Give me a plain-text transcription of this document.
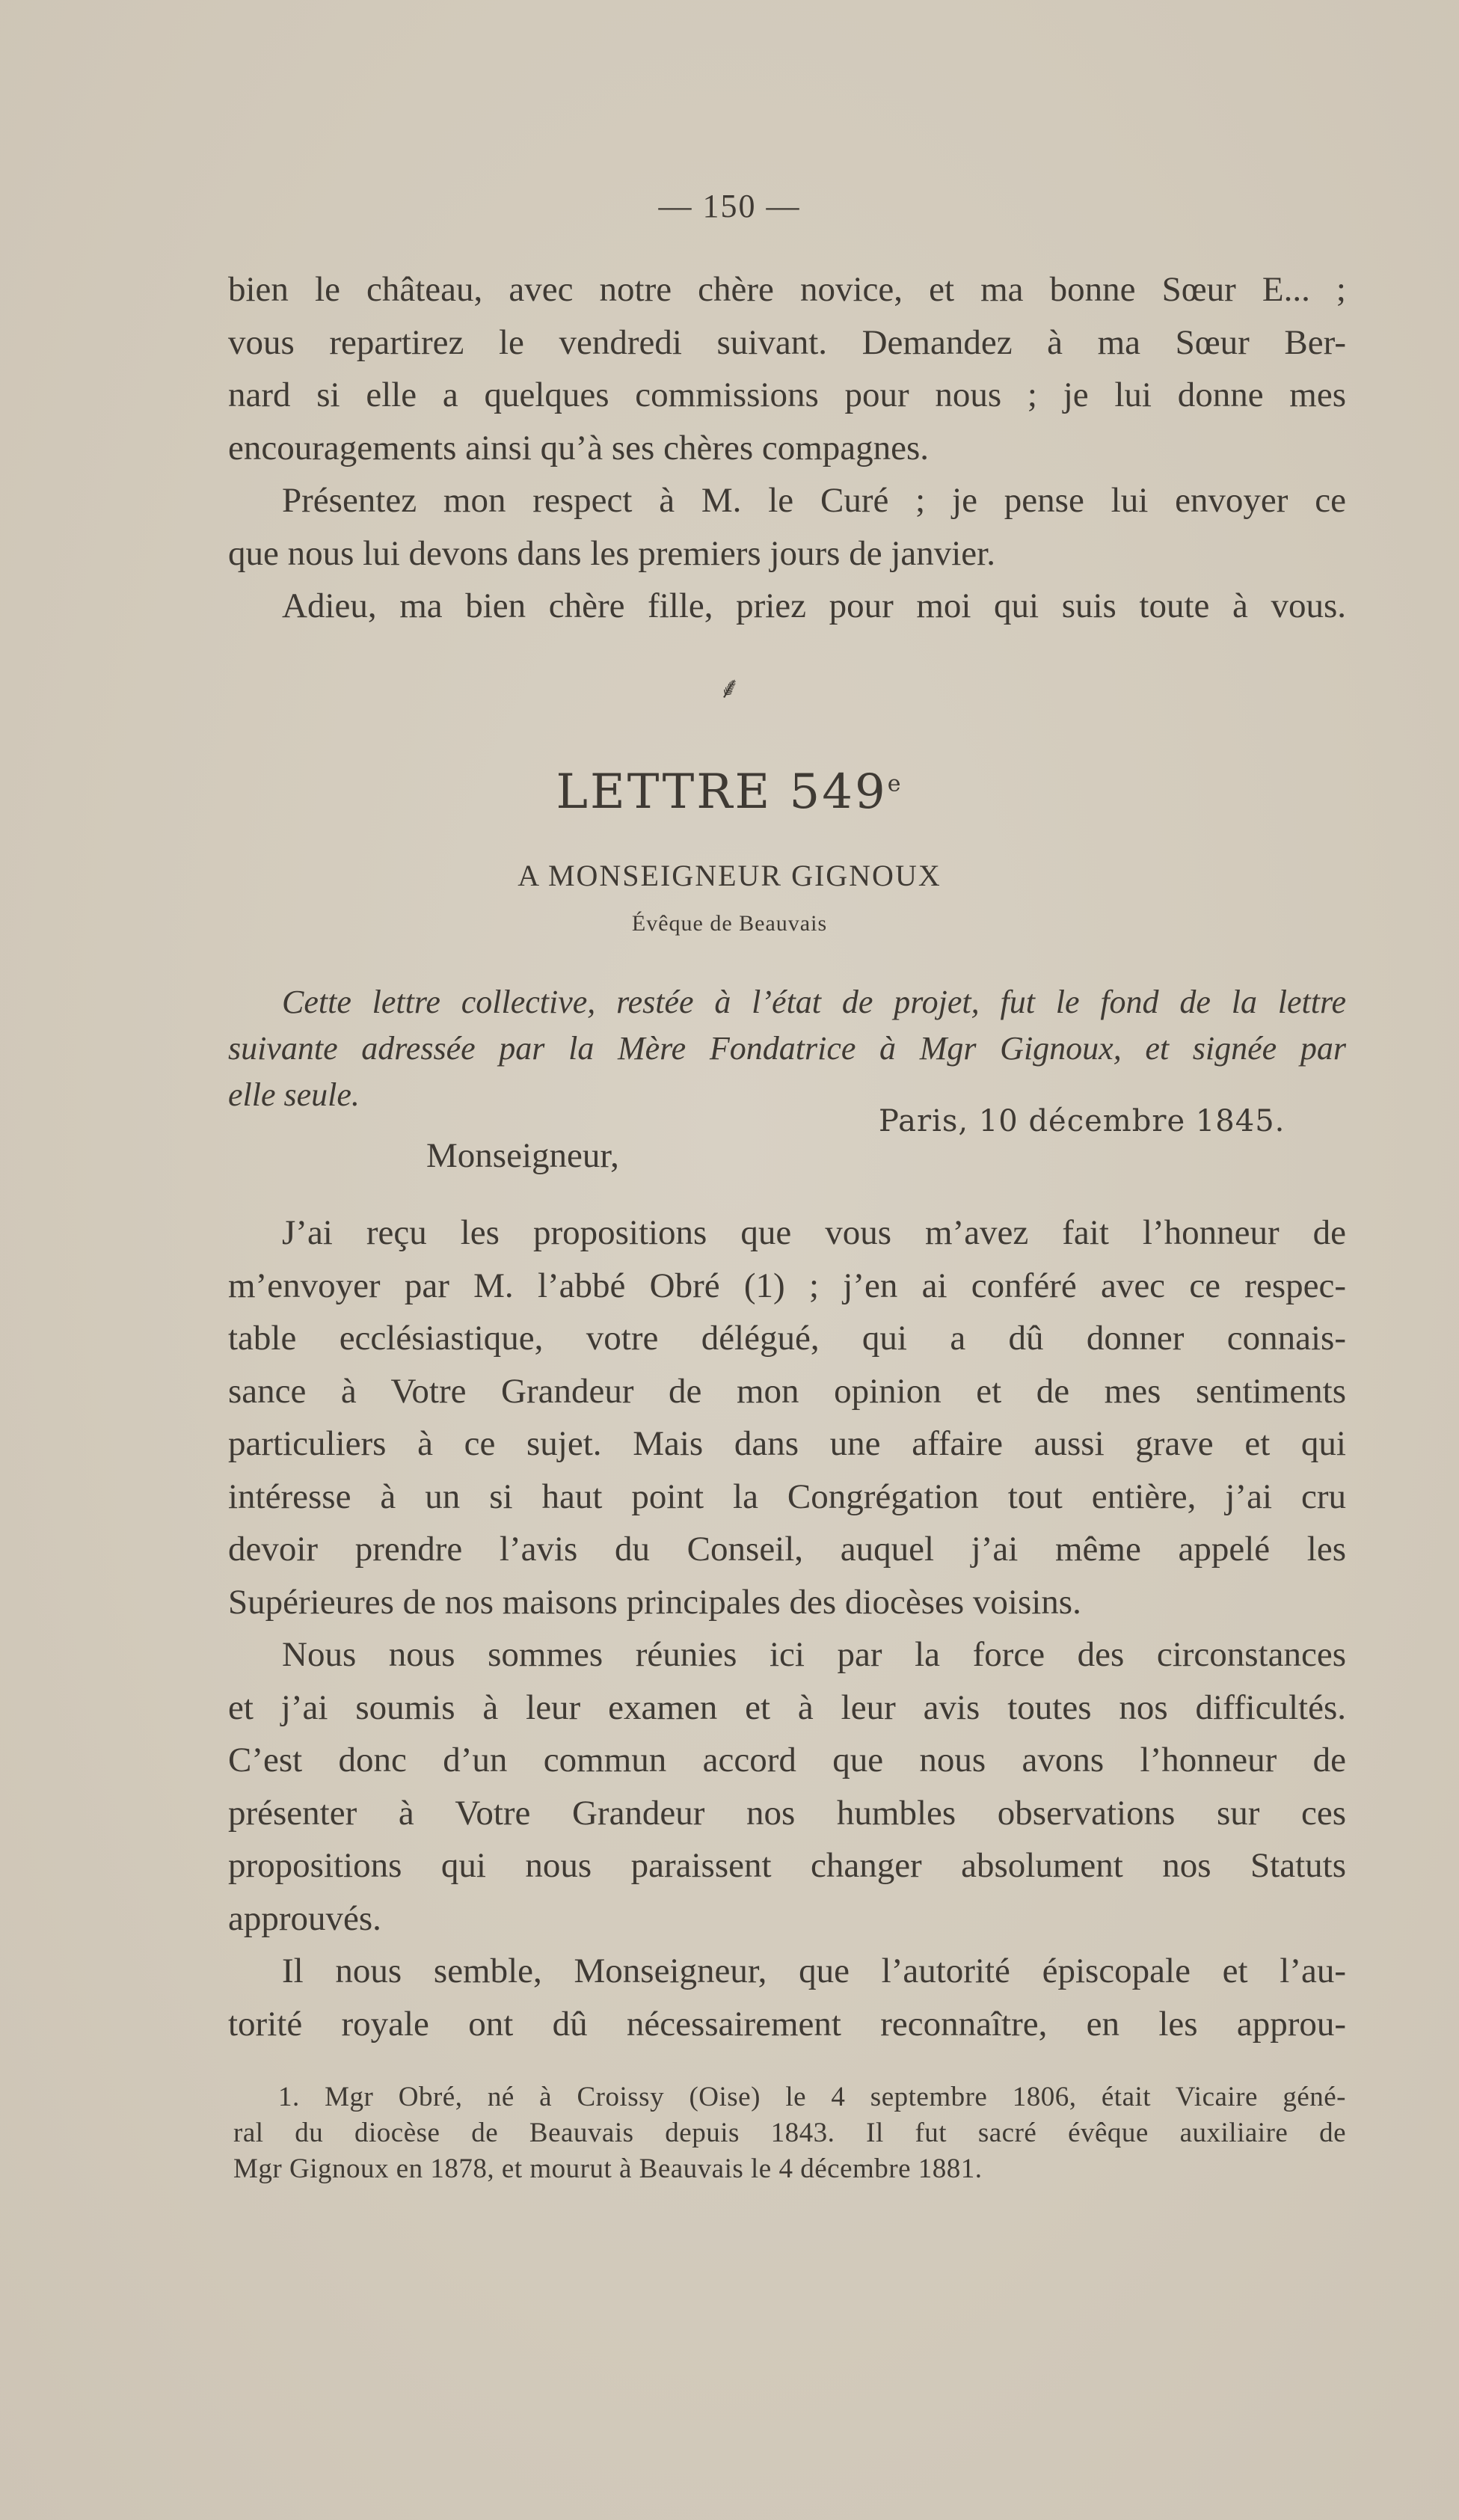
— 150 —

bien le château, avec notre chère novice, et ma bonne Sœur E... ;
vous repartirez le vendredi suivant. Demandez à ma Sœur Ber-
nard si elle a quelques commissions pour nous ; je lui donne mes
encouragements ainsi qu’à ses chères compagnes.

Présentez mon respect à M. le Curé ; je pense lui envoyer ce
que nous lui devons dans les premiers jours de janvier.

Adieu, ma bien chère fille, priez pour moi qui suis toute à vous.

⸙
LETTRE 549e
A MONSEIGNEUR GIGNOUX
Évêque de Beauvais

Cette lettre collective, restée à l’état de projet, fut le fond de la lettre
suivante adressée par la Mère Fondatrice à Mgr Gignoux, et signée par
elle seule.

Paris, 10 décembre 1845.
Monseigneur,

J’ai reçu les propositions que vous m’avez fait l’honneur de
m’envoyer par M. l’abbé Obré (1) ; j’en ai conféré avec ce respec-
table ecclésiastique, votre délégué, qui a dû donner connais-
sance à Votre Grandeur de mon opinion et de mes sentiments
particuliers à ce sujet. Mais dans une affaire aussi grave et qui
intéresse à un si haut point la Congrégation tout entière, j’ai cru
devoir prendre l’avis du Conseil, auquel j’ai même appelé les
Supérieures de nos maisons principales des diocèses voisins.

Nous nous sommes réunies ici par la force des circonstances
et j’ai soumis à leur examen et à leur avis toutes nos difficultés.
C’est donc d’un commun accord que nous avons l’honneur de
présenter à Votre Grandeur nos humbles observations sur ces
propositions qui nous paraissent changer absolument nos Statuts
approuvés.

Il nous semble, Monseigneur, que l’autorité épiscopale et l’au-
torité royale ont dû nécessairement reconnaître, en les approu-

1. Mgr Obré, né à Croissy (Oise) le 4 septembre 1806, était Vicaire géné-
ral du diocèse de Beauvais depuis 1843. Il fut sacré évêque auxiliaire de
Mgr Gignoux en 1878, et mourut à Beauvais le 4 décembre 1881.
